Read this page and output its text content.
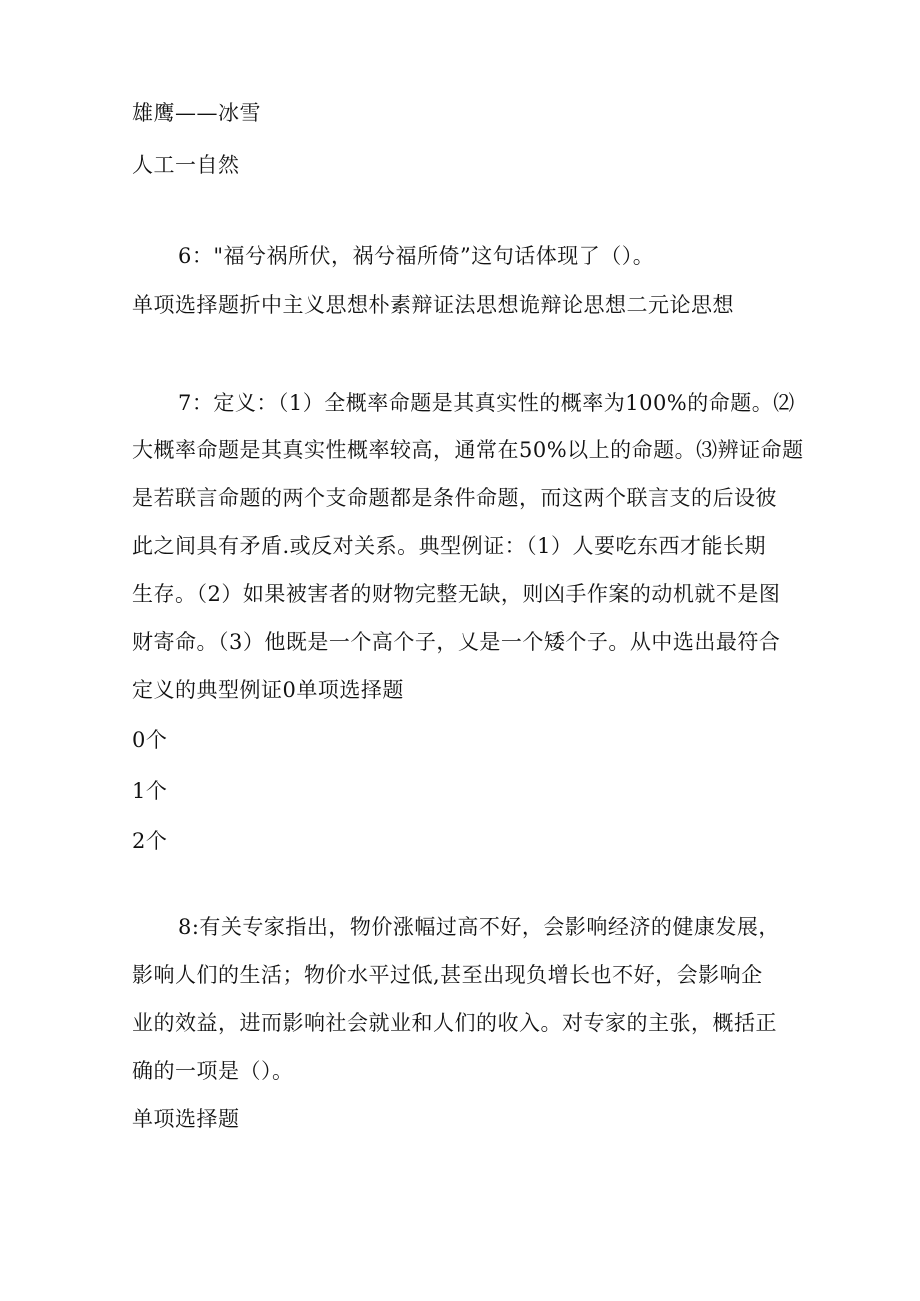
雄鹰——冰雪
人工一自然
6："福兮祸所伏，祸兮福所倚”这句话体现了（）。
单项选择题折中主义思想朴素辩证法思想诡辩论思想二元论思想
7：定义：（1）全概率命题是其真实性的概率为100%的命题。⑵
大概率命题是其真实性概率较高，通常在50%以上的命题。⑶辨证命题
是若联言命题的两个支命题都是条件命题，而这两个联言支的后设彼
此之间具有矛盾.或反对关系。典型例证：（1）人要吃东西才能长期
生存。（2）如果被害者的财物完整无缺，则凶手作案的动机就不是图
财寄命。（3）他既是一个高个子，乂是一个矮个子。从中选出最符合
定义的典型例证0单项选择题
0个
1个
2个
8:有关专家指出，物价涨幅过高不好，会影响经济的健康发展，
影响人们的生活；物价水平过低,甚至出现负增长也不好，会影响企
业的效益，进而影响社会就业和人们的收入。对专家的主张，概括正
确的一项是（）。
单项选择题
